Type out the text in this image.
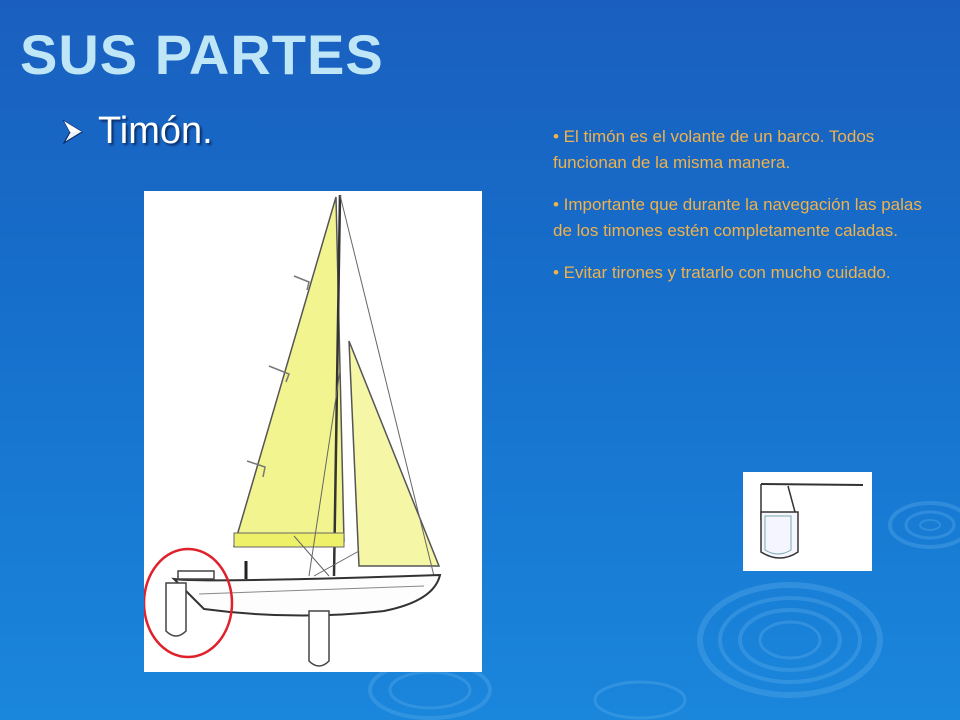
SUS PARTES
Timón.	• El timón es el volante de un barco. Todos funcionan de la misma manera.

• Importante que durante la navegación las palas de los timones estén completamente caladas.

• Evitar tirones y tratarlo con mucho cuidado.
